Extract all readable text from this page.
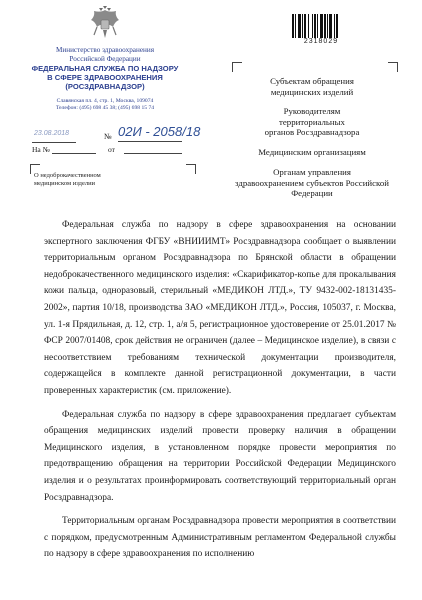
Министерство здравоохранения
Российской Федерации
ФЕДЕРАЛЬНАЯ СЛУЖБА ПО НАДЗОРУ
В СФЕРЕ ЗДРАВООХРАНЕНИЯ
(РОСЗДРАВНАДЗОР)
Славянская пл. 4, стр. 1, Москва, 109074
Телефон: (495) 698 45 38; (495) 698 15 74
23.08.2018	№ 02И - 2058/18
На №	от
О недоброкачественном
медицинском изделии
2318029
Субъектам обращения
медицинских изделий
Руководителям
территориальных
органов Росздравнадзора
Медицинским организациям
Органам управления
здравоохранением субъектов Российской
Федерации

Федеральная служба по надзору в сфере здравоохранения на основании экспертного заключения ФГБУ «ВНИИИМТ» Росздравнадзора сообщает о выявлении территориальным органом Росздравнадзора по Брянской области в обращении недоброкачественного медицинского изделия: «Скарификатор-копье для прокалывания кожи пальца, одноразовый, стерильный «МЕДИКОН ЛТД.», ТУ 9432-002-18131435-2002», партия 10/18, производства ЗАО «МЕДИКОН ЛТД.», Россия, 105037, г. Москва, ул. 1-я Прядильная, д. 12, стр. 1, а/я 5, регистрационное удостоверение от 25.01.2017 № ФСР 2007/01408, срок действия не ограничен (далее – Медицинское изделие), в связи с несоответствием требованиям технической документации производителя, содержащейся в комплекте данной регистрационной документации, в части проверенных характеристик (см. приложение).

Федеральная служба по надзору в сфере здравоохранения предлагает субъектам обращения медицинских изделий провести проверку наличия в обращении Медицинского изделия, в установленном порядке провести мероприятия по предотвращению обращения на территории Российской Федерации Медицинского изделия и о результатах проинформировать соответствующий территориальный орган Росздравнадзора.

Территориальным органам Росздравнадзора провести мероприятия в соответствии с порядком, предусмотренным Административным регламентом Федеральной службы по надзору в сфере здравоохранения по исполнению
